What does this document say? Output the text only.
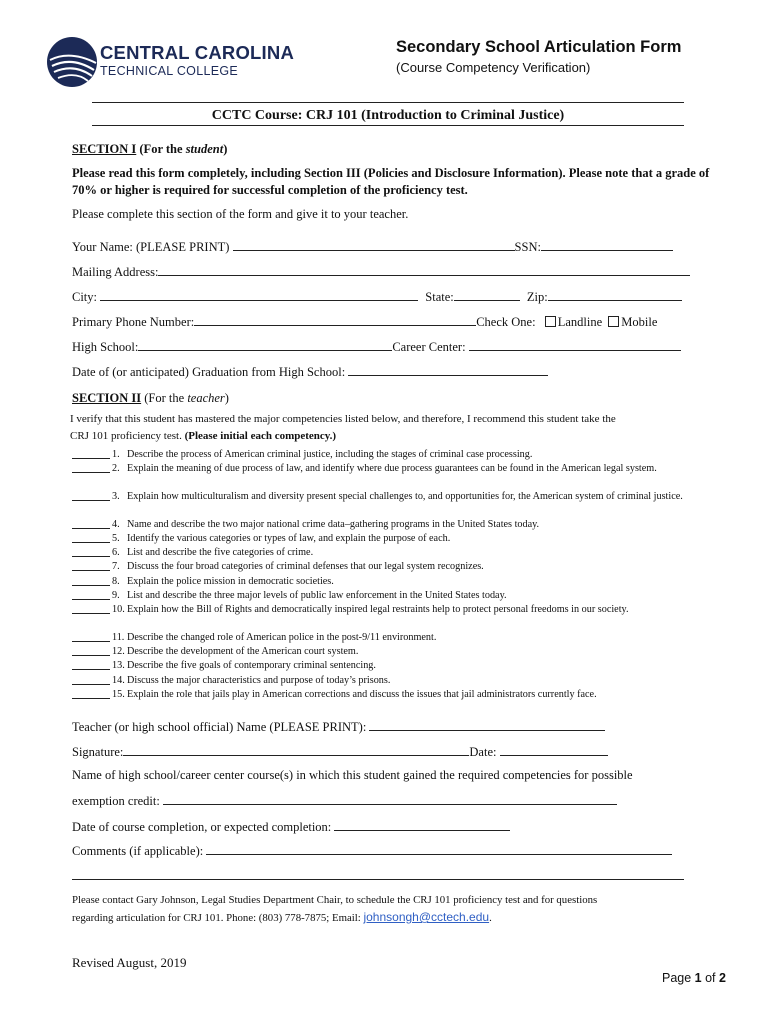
CENTRAL CAROLINA
TECHNICAL COLLEGE
Secondary School Articulation Form
(Course Competency Verification)
CCTC Course: CRJ 101 (Introduction to Criminal Justice)
SECTION I (For the student)
Please read this form completely, including Section III (Policies and Disclosure Information). Please note that a grade of 70% or higher is required for successful completion of the proficiency test.
Please complete this section of the form and give it to your teacher.
Your Name: (PLEASE PRINT)	SSN:
Mailing Address:
City:	State:	Zip:
Primary Phone Number:	Check One: Landline Mobile
High School:	Career Center:
Date of (or anticipated) Graduation from High School:
SECTION II (For the teacher)
I verify that this student has mastered the major competencies listed below, and therefore, I recommend this student take the
CRJ 101 proficiency test. (Please initial each competency.)
1. Describe the process of American criminal justice, including the stages of criminal case processing.
2. Explain the meaning of due process of law, and identify where due process guarantees can be found in the American legal system.
3. Explain how multiculturalism and diversity present special challenges to, and opportunities for, the American system of criminal justice.
4. Name and describe the two major national crime data–gathering programs in the United States today.
5. Identify the various categories or types of law, and explain the purpose of each.
6. List and describe the five categories of crime.
7. Discuss the four broad categories of criminal defenses that our legal system recognizes.
8. Explain the police mission in democratic societies.
9. List and describe the three major levels of public law enforcement in the United States today.
10. Explain how the Bill of Rights and democratically inspired legal restraints help to protect personal freedoms in our society.
11. Describe the changed role of American police in the post-9/11 environment.
12. Describe the development of the American court system.
13. Describe the five goals of contemporary criminal sentencing.
14. Discuss the major characteristics and purpose of today’s prisons.
15. Explain the role that jails play in American corrections and discuss the issues that jail administrators currently face.
Teacher (or high school official) Name (PLEASE PRINT):
Signature:	Date:
Name of high school/career center course(s) in which this student gained the required competencies for possible
exemption credit:
Date of course completion, or expected completion:
Comments (if applicable):
Please contact Gary Johnson, Legal Studies Department Chair, to schedule the CRJ 101 proficiency test and for questions
regarding articulation for CRJ 101. Phone: (803) 778-7875; Email: johnsongh@cctech.edu.
Revised August, 2019
Page 1 of 2
